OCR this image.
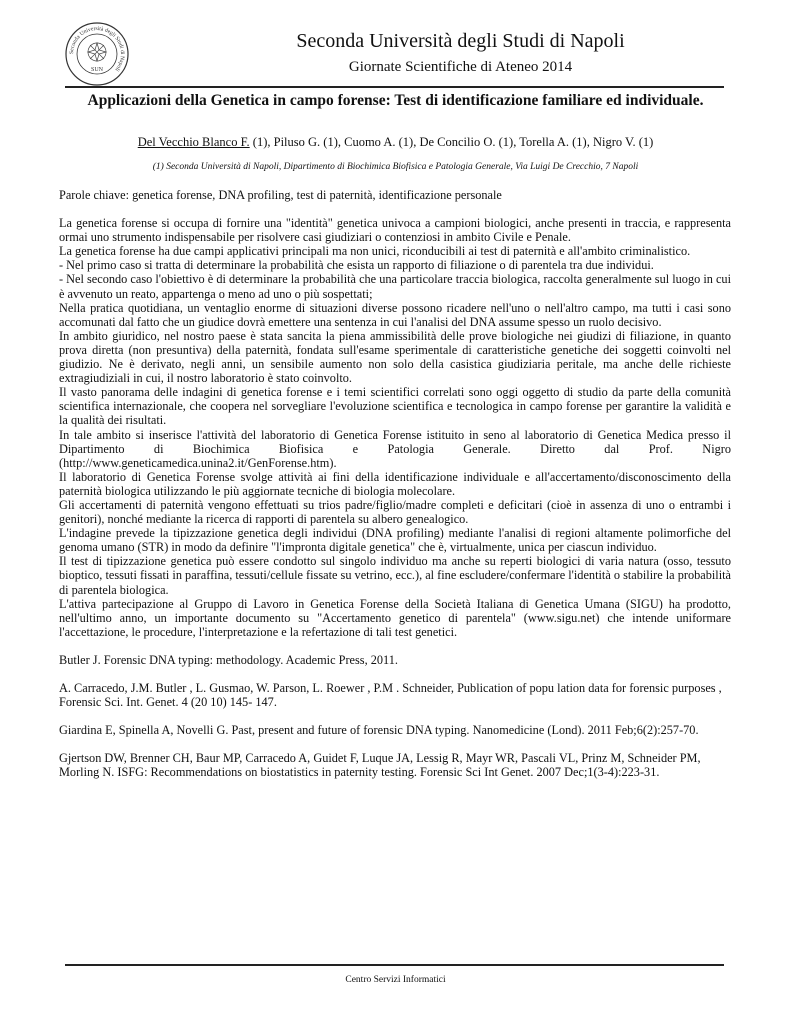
Seconda Università degli Studi di Napoli
SUN
Seconda Università degli Studi di Napoli
Giornate Scientifiche di Ateneo 2014
Applicazioni della Genetica in campo forense: Test di identificazione familiare ed individuale.
Del Vecchio Blanco F. (1), Piluso G. (1), Cuomo A. (1), De Concilio O. (1), Torella A. (1), Nigro V. (1)
(1) Seconda Università di Napoli, Dipartimento di Biochimica Biofisica e Patologia Generale, Via Luigi De Crecchio, 7 Napoli

Parole chiave: genetica forense, DNA profiling, test di paternità, identificazione personale

La genetica forense si occupa di fornire una "identità" genetica univoca a campioni biologici, anche presenti in traccia, e rappresenta ormai uno strumento indispensabile per risolvere casi giudiziari o contenziosi in ambito Civile e Penale.

La genetica forense ha due campi applicativi principali ma non unici, riconducibili ai test di paternità e all'ambito criminalistico.

- Nel primo caso si tratta di determinare la probabilità che esista un rapporto di filiazione o di parentela tra due individui.

- Nel secondo caso l'obiettivo è di determinare la probabilità che una particolare traccia biologica, raccolta generalmente sul luogo in cui è avvenuto un reato, appartenga o meno ad uno o più sospettati;

Nella pratica quotidiana, un ventaglio enorme di situazioni diverse possono ricadere nell'uno o nell'altro campo, ma tutti i casi sono accomunati dal fatto che un giudice dovrà emettere una sentenza in cui l'analisi del DNA assume spesso un ruolo decisivo.

In ambito giuridico, nel nostro paese è stata sancita la piena ammissibilità delle prove biologiche nei giudizi di filiazione, in quanto prova diretta (non presuntiva) della paternità, fondata sull'esame sperimentale di caratteristiche genetiche dei soggetti coinvolti nel giudizio. Ne è derivato, negli anni, un sensibile aumento non solo della casistica giudiziaria peritale, ma anche delle richieste extragiudiziali in cui, il nostro laboratorio è stato coinvolto.

Il vasto panorama delle indagini di genetica forense e i temi scientifici correlati sono oggi oggetto di studio da parte della comunità scientifica internazionale, che coopera nel sorvegliare l'evoluzione scientifica e tecnologica in campo forense per garantire la validità e la qualità dei risultati.

In tale ambito si inserisce l'attività del laboratorio di Genetica Forense istituito in seno al laboratorio di Genetica Medica presso il Dipartimento di Biochimica Biofisica e Patologia Generale. Diretto dal Prof. Nigro (http://www.geneticamedica.unina2.it/GenForense.htm).

Il laboratorio di Genetica Forense svolge attività ai fini della identificazione individuale e all'accertamento/disconoscimento della paternità biologica utilizzando le più aggiornate tecniche di biologia molecolare.

Gli accertamenti di paternità vengono effettuati su trios padre/figlio/madre completi e deficitari (cioè in assenza di uno o entrambi i genitori), nonché mediante la ricerca di rapporti di parentela su albero genealogico.

L'indagine prevede la tipizzazione genetica degli individui (DNA profiling) mediante l'analisi di regioni altamente polimorfiche del genoma umano (STR) in modo da definire "l'impronta digitale genetica" che è, virtualmente, unica per ciascun individuo.

Il test di tipizzazione genetica può essere condotto sul singolo individuo ma anche su reperti biologici di varia natura (osso, tessuto bioptico, tessuti fissati in paraffina, tessuti/cellule fissate su vetrino, ecc.), al fine escludere/confermare l'identità o stabilire la probabilità di parentela biologica.

L'attiva partecipazione al Gruppo di Lavoro in Genetica Forense della Società Italiana di Genetica Umana (SIGU) ha prodotto, nell'ultimo anno, un importante documento su "Accertamento genetico di parentela" (www.sigu.net) che intende uniformare l'accettazione, le procedure, l'interpretazione e la refertazione di tali test genetici.

Butler J. Forensic DNA typing: methodology. Academic Press, 2011.

A. Carracedo, J.M. Butler , L. Gusmao, W. Parson, L. Roewer , P.M . Schneider, Publication of popu lation data for forensic purposes , Forensic Sci. Int. Genet. 4 (20 10) 145- 147.

Giardina E, Spinella A, Novelli G. Past, present and future of forensic DNA typing. Nanomedicine (Lond). 2011 Feb;6(2):257-70.

Gjertson DW, Brenner CH, Baur MP, Carracedo A, Guidet F, Luque JA, Lessig R, Mayr WR, Pascali VL, Prinz M, Schneider PM, Morling N. ISFG: Recommendations on biostatistics in paternity testing. Forensic Sci Int Genet. 2007 Dec;1(3-4):223-31.

Centro Servizi Informatici
